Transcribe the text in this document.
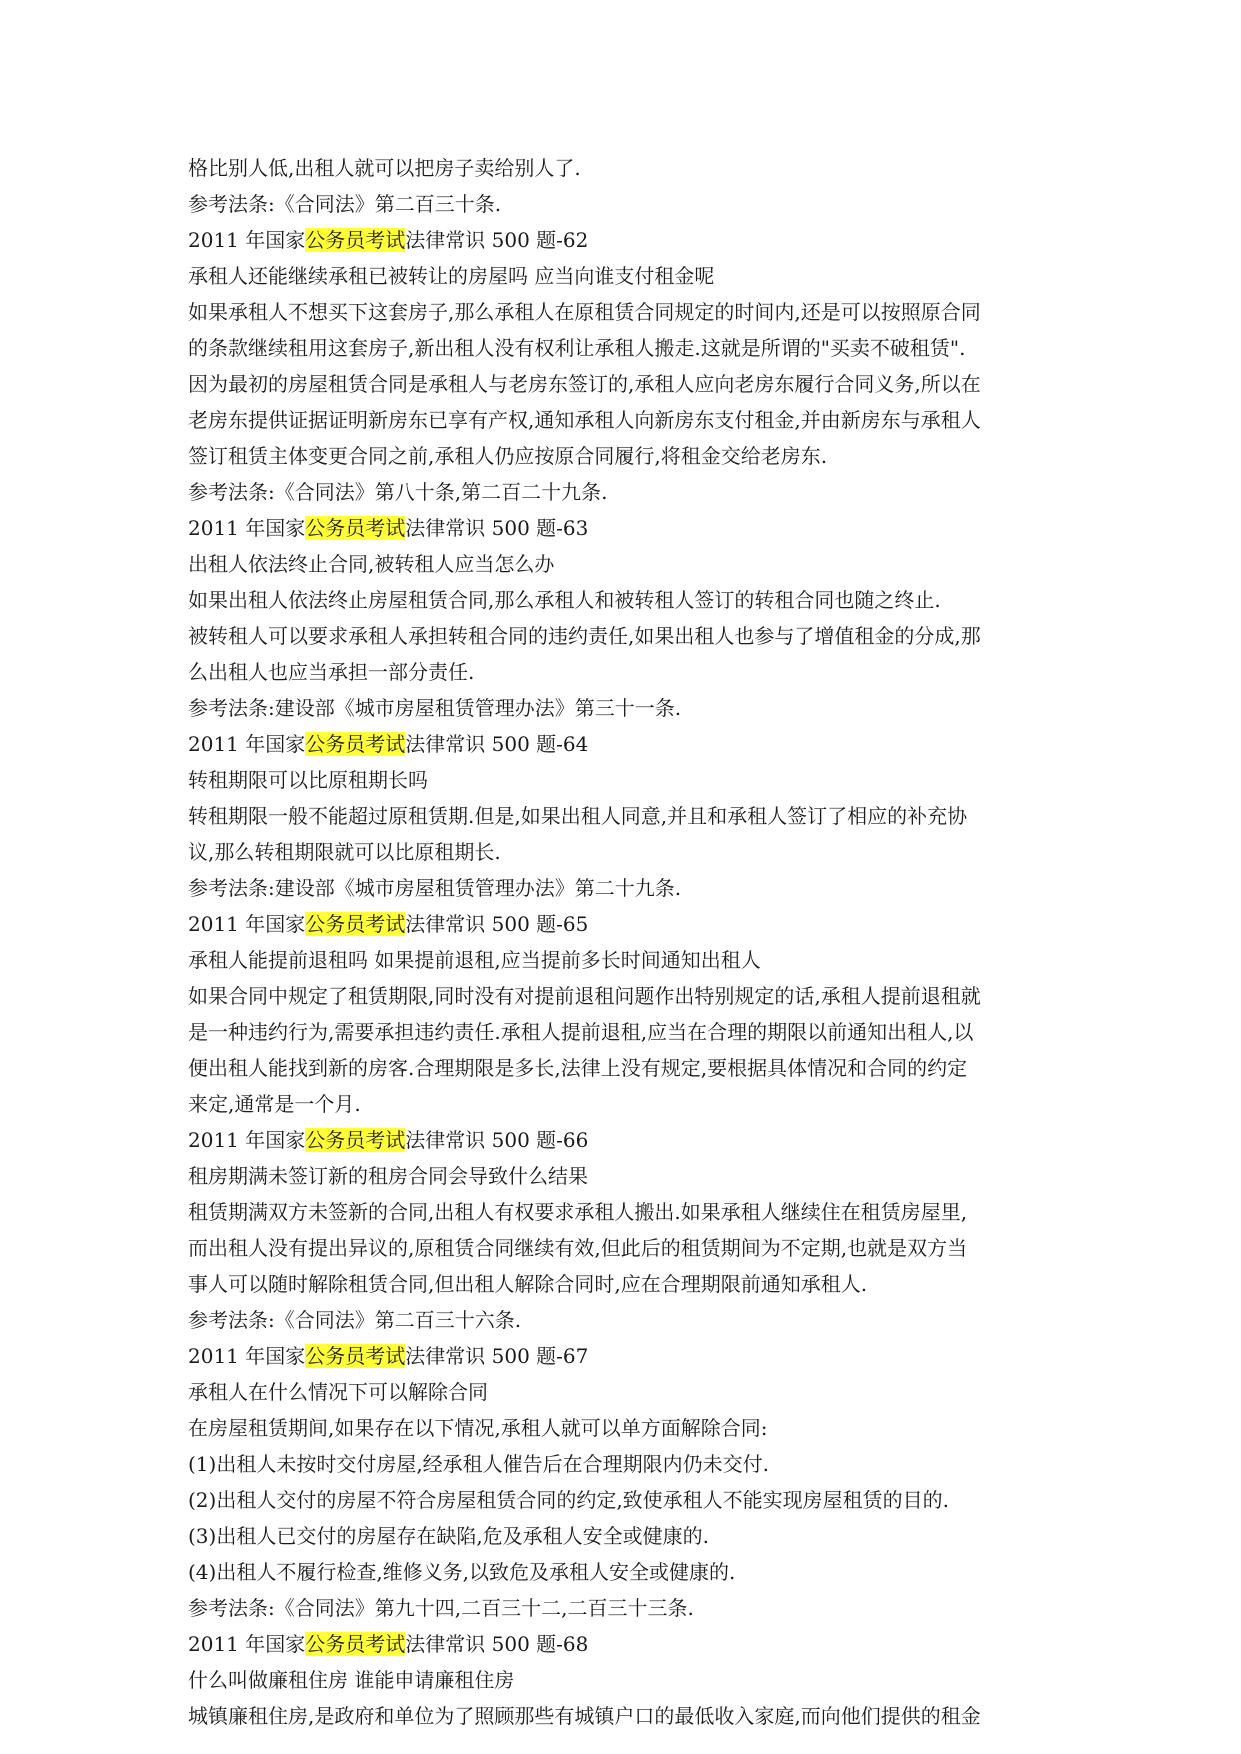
格比别人低,出租人就可以把房子卖给别人了.
参考法条:《合同法》第二百三十条.
2011 年国家公务员考试法律常识 500 题-62
承租人还能继续承租已被转让的房屋吗 应当向谁支付租金呢
如果承租人不想买下这套房子,那么承租人在原租赁合同规定的时间内,还是可以按照原合同
的条款继续租用这套房子,新出租人没有权利让承租人搬走.这就是所谓的"买卖不破租赁".
因为最初的房屋租赁合同是承租人与老房东签订的,承租人应向老房东履行合同义务,所以在
老房东提供证据证明新房东已享有产权,通知承租人向新房东支付租金,并由新房东与承租人
签订租赁主体变更合同之前,承租人仍应按原合同履行,将租金交给老房东.
参考法条:《合同法》第八十条,第二百二十九条.
2011 年国家公务员考试法律常识 500 题-63
出租人依法终止合同,被转租人应当怎么办
如果出租人依法终止房屋租赁合同,那么承租人和被转租人签订的转租合同也随之终止.
被转租人可以要求承租人承担转租合同的违约责任,如果出租人也参与了增值租金的分成,那
么出租人也应当承担一部分责任.
参考法条:建设部《城市房屋租赁管理办法》第三十一条.
2011 年国家公务员考试法律常识 500 题-64
转租期限可以比原租期长吗
转租期限一般不能超过原租赁期.但是,如果出租人同意,并且和承租人签订了相应的补充协
议,那么转租期限就可以比原租期长.
参考法条:建设部《城市房屋租赁管理办法》第二十九条.
2011 年国家公务员考试法律常识 500 题-65
承租人能提前退租吗 如果提前退租,应当提前多长时间通知出租人
如果合同中规定了租赁期限,同时没有对提前退租问题作出特别规定的话,承租人提前退租就
是一种违约行为,需要承担违约责任.承租人提前退租,应当在合理的期限以前通知出租人,以
便出租人能找到新的房客.合理期限是多长,法律上没有规定,要根据具体情况和合同的约定
来定,通常是一个月.
2011 年国家公务员考试法律常识 500 题-66
租房期满未签订新的租房合同会导致什么结果
租赁期满双方未签新的合同,出租人有权要求承租人搬出.如果承租人继续住在租赁房屋里,
而出租人没有提出异议的,原租赁合同继续有效,但此后的租赁期间为不定期,也就是双方当
事人可以随时解除租赁合同,但出租人解除合同时,应在合理期限前通知承租人.
参考法条:《合同法》第二百三十六条.
2011 年国家公务员考试法律常识 500 题-67
承租人在什么情况下可以解除合同
在房屋租赁期间,如果存在以下情况,承租人就可以单方面解除合同:
(1)出租人未按时交付房屋,经承租人催告后在合理期限内仍未交付.
(2)出租人交付的房屋不符合房屋租赁合同的约定,致使承租人不能实现房屋租赁的目的.
(3)出租人已交付的房屋存在缺陷,危及承租人安全或健康的.
(4)出租人不履行检查,维修义务,以致危及承租人安全或健康的.
参考法条:《合同法》第九十四,二百三十二,二百三十三条.
2011 年国家公务员考试法律常识 500 题-68
什么叫做廉租住房 谁能申请廉租住房
城镇廉租住房,是政府和单位为了照顾那些有城镇户口的最低收入家庭,而向他们提供的租金
